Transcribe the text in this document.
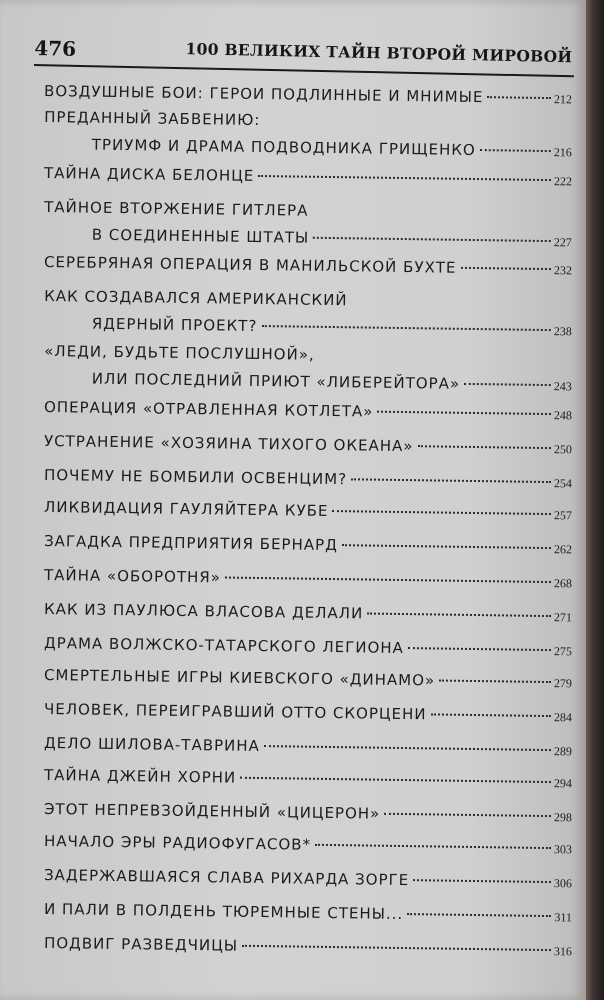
476	100 ВЕЛИКИХ ТАЙН ВТОРОЙ МИРОВОЙ
ВОЗДУШНЫЕ БОИ: ГЕРОИ ПОДЛИННЫЕ И МНИМЫЕ	212
ПРЕДАННЫЙ ЗАБВЕНИЮ:
ТРИУМФ И ДРАМА ПОДВОДНИКА ГРИЩЕНКО	216
ТАЙНА ДИСКА БЕЛОНЦЕ	222
ТАЙНОЕ ВТОРЖЕНИЕ ГИТЛЕРА
В СОЕДИНЕННЫЕ ШТАТЫ	227
СЕРЕБРЯНАЯ ОПЕРАЦИЯ В МАНИЛЬСКОЙ БУХТЕ	232
КАК СОЗДАВАЛСЯ АМЕРИКАНСКИЙ
ЯДЕРНЫЙ ПРОЕКТ?	238
«ЛЕДИ, БУДЬТЕ ПОСЛУШНОЙ»,
ИЛИ ПОСЛЕДНИЙ ПРИЮТ «ЛИБЕРЕЙТОРА»	243
ОПЕРАЦИЯ «ОТРАВЛЕННАЯ КОТЛЕТА»	248
УСТРАНЕНИЕ «ХОЗЯИНА ТИХОГО ОКЕАНА»	250
ПОЧЕМУ НЕ БОМБИЛИ ОСВЕНЦИМ?	254
ЛИКВИДАЦИЯ ГАУЛЯЙТЕРА КУБЕ	257
ЗАГАДКА ПРЕДПРИЯТИЯ БЕРНАРД	262
ТАЙНА «ОБОРОТНЯ»	268
КАК ИЗ ПАУЛЮСА ВЛАСОВА ДЕЛАЛИ	271
ДРАМА ВОЛЖСКО-ТАТАРСКОГО ЛЕГИОНА	275
СМЕРТЕЛЬНЫЕ ИГРЫ КИЕВСКОГО «ДИНАМО»	279
ЧЕЛОВЕК, ПЕРЕИГРАВШИЙ ОТТО СКОРЦЕНИ	284
ДЕЛО ШИЛОВА-ТАВРИНА	289
ТАЙНА ДЖЕЙН ХОРНИ	294
ЭТОТ НЕПРЕВЗОЙДЕННЫЙ «ЦИЦЕРОН»	298
НАЧАЛО ЭРЫ РАДИОФУГАСОВ*	303
ЗАДЕРЖАВШАЯСЯ СЛАВА РИХАРДА ЗОРГЕ	306
И ПАЛИ В ПОЛДЕНЬ ТЮРЕМНЫЕ СТЕНЫ...	311
ПОДВИГ РАЗВЕДЧИЦЫ	316
